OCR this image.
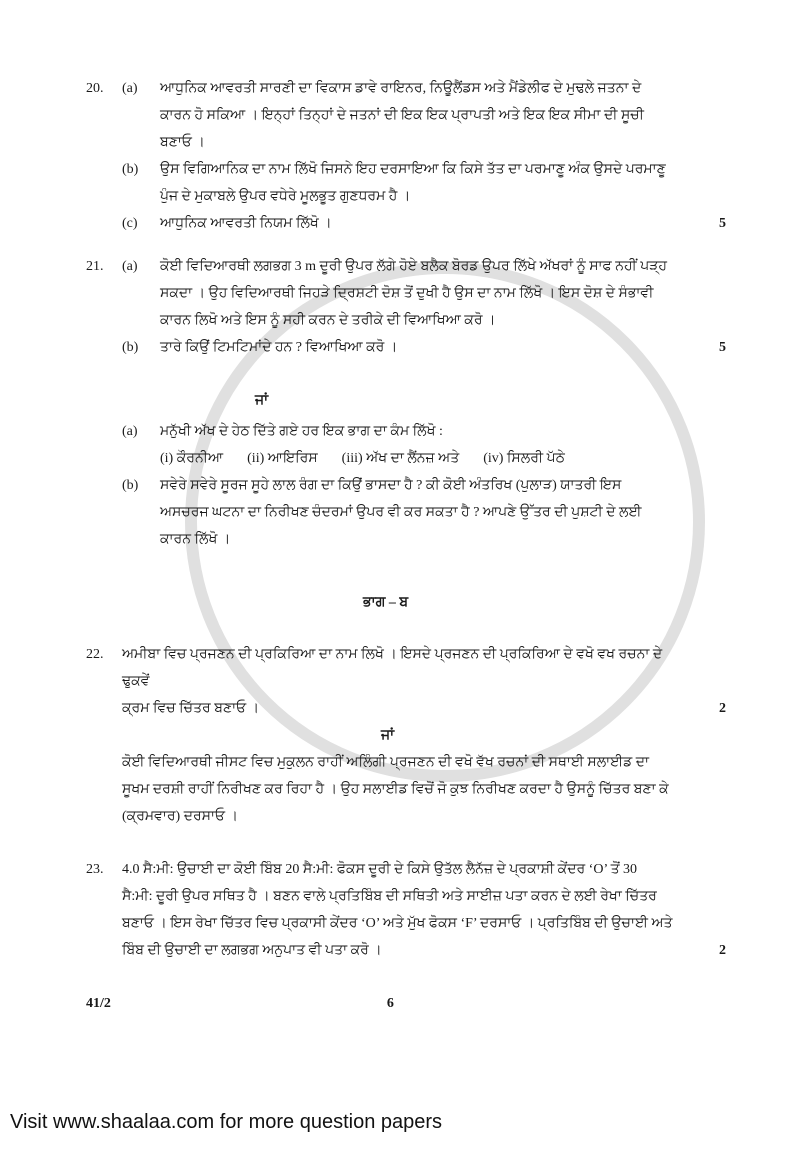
20.	(a)	ਆਧੁਨਿਕ ਆਵਰਤੀ ਸਾਰਣੀ ਦਾ ਵਿਕਾਸ ਡਾਵੇ ਰਾਇਨਰ, ਨਿਊਲੈਂਡਸ ਅਤੇ ਮੈਂਡੇਲੀਫ ਦੇ ਮੁਢਲੇ ਜਤਨਾ ਦੇ
ਕਾਰਨ ਹੋ ਸਕਿਆ । ਇਨ੍ਹਾਂ ਤਿਨ੍ਹਾਂ ਦੇ ਜਤਨਾਂ ਦੀ ਇਕ ਇਕ ਪ੍ਰਾਪਤੀ ਅਤੇ ਇਕ ਇਕ ਸੀਮਾ ਦੀ ਸੂਚੀ ਬਣਾਓ ।
(b)	ਉਸ ਵਿਗਿਆਨਿਕ ਦਾ ਨਾਮ ਲਿੱਖੋ ਜਿਸਨੇ ਇਹ ਦਰਸਾਇਆ ਕਿ ਕਿਸੇ ਤੱਤ ਦਾ ਪਰਮਾਣੂ ਅੰਕ ਉਸਦੇ ਪਰਮਾਣੂ
ਪੁੰਜ ਦੇ ਮੁਕਾਬਲੇ ਉਪਰ ਵਧੇਰੇ ਮੂਲਭੂਤ ਗੁਣਧਰਮ ਹੈ ।
(c)	ਆਧੁਨਿਕ ਆਵਰਤੀ ਨਿਯਮ ਲਿੱਖੋ ।	5
21.	(a)	ਕੋਈ ਵਿਦਿਆਰਥੀ ਲਗਭਗ 3 m ਦੂਰੀ ਉਪਰ ਲੱਗੇ ਹੋਏ ਬਲੈਕ ਬੋਰਡ ਉਪਰ ਲਿੱਖੇ ਅੱਖਰਾਂ ਨੂੰ ਸਾਫ ਨਹੀਂ ਪੜ੍ਹ
ਸਕਦਾ । ਉਹ ਵਿਦਿਆਰਥੀ ਜਿਹੜੇ ਦ੍ਰਿਸ਼ਟੀ ਦੋਸ਼ ਤੋਂ ਦੁਖੀ ਹੈ ਉਸ ਦਾ ਨਾਮ ਲਿੱਖੋ । ਇਸ ਦੋਸ਼ ਦੇ ਸੰਭਾਵੀ
ਕਾਰਨ ਲਿਖੋ ਅਤੇ ਇਸ ਨੂੰ ਸਹੀ ਕਰਨ ਦੇ ਤਰੀਕੇ ਦੀ ਵਿਆਖਿਆ ਕਰੋ ।
(b)	ਤਾਰੇ ਕਿਉਂ ਟਿਮਟਿਮਾਂਦੇ ਹਨ ? ਵਿਆਖਿਆ ਕਰੋ ।	5
ਜਾਂ
(a)	ਮਨੁੱਖੀ ਅੱਖ ਦੇ ਹੇਠ ਦਿੱਤੇ ਗਏ ਹਰ ਇਕ ਭਾਗ ਦਾ ਕੰਮ ਲਿੱਖੋ :
(i) ਕੌਰਨੀਆ (ii) ਆਇਰਿਸ (iii) ਅੱਖ ਦਾ ਲੈਂਨਜ਼ ਅਤੇ (iv) ਸਿਲਰੀ ਪੱਠੇ
(b)	ਸਵੇਰੇ ਸਵੇਰੇ ਸੂਰਜ ਸੂਹੇ ਲਾਲ ਰੰਗ ਦਾ ਕਿਉਂ ਭਾਸਦਾ ਹੈ ? ਕੀ ਕੋਈ ਅੰਤਰਿਖ (ਪੁਲਾੜ) ਯਾਤਰੀ ਇਸ
ਅਸਚਰਜ ਘਟਨਾ ਦਾ ਨਿਰੀਖਣ ਚੰਦਰਮਾਂ ਉਪਰ ਵੀ ਕਰ ਸਕਤਾ ਹੈ ? ਆਪਣੇ ਉੱਤਰ ਦੀ ਪੁਸ਼ਟੀ ਦੇ ਲਈ
ਕਾਰਨ ਲਿੱਖੋ ।
ਭਾਗ – ਬ
22.	ਅਮੀਬਾ ਵਿਚ ਪ੍ਰਜਣਨ ਦੀ ਪ੍ਰਕਿਰਿਆ ਦਾ ਨਾਮ ਲਿਖੋ । ਇਸਦੇ ਪ੍ਰਜਣਨ ਦੀ ਪ੍ਰਕਿਰਿਆ ਦੇ ਵਖੋ ਵਖ ਰਚਨਾ ਦੇ ਢੁਕਵੇਂ
ਕ੍ਰਮ ਵਿਚ ਚਿੱਤਰ ਬਣਾਓ ।	2
ਜਾਂ
ਕੋਈ ਵਿਦਿਆਰਥੀ ਜੀਸਟ ਵਿਚ ਮੁਕੁਲਨ ਰਾਹੀਂ ਅਲਿੰਗੀ ਪ੍ਰਜਣਨ ਦੀ ਵਖੋ ਵੱਖ ਰਚਨਾਂ ਦੀ ਸਥਾਈ ਸਲਾਈਡ ਦਾ
ਸੂਖਮ ਦਰਸ਼ੀ ਰਾਹੀਂ ਨਿਰੀਖਣ ਕਰ ਰਿਹਾ ਹੈ । ਉਹ ਸਲਾਈਡ ਵਿਚੋਂ ਜੋ ਕੁਝ ਨਿਰੀਖਣ ਕਰਦਾ ਹੈ ਉਸਨੂੰ ਚਿੱਤਰ ਬਣਾ ਕੇ
(ਕ੍ਰਮਵਾਰ) ਦਰਸਾਓ ।
23.	4.0 ਸੈ:ਮੀ: ਉਚਾਈ ਦਾ ਕੋਈ ਬਿੰਬ 20 ਸੈ:ਮੀ: ਫੋਕਸ ਦੂਰੀ ਦੇ ਕਿਸੇ ਉਤੱਲ ਲੈਨੱਜ਼ ਦੇ ਪ੍ਰਕਾਸ਼ੀ ਕੇਂਦਰ ‘O’ ਤੋਂ 30
ਸੈ:ਮੀ: ਦੂਰੀ ਉਪਰ ਸਥਿਤ ਹੈ । ਬਣਨ ਵਾਲੇ ਪ੍ਰਤਿਬਿੰਬ ਦੀ ਸਥਿਤੀ ਅਤੇ ਸਾਈਜ਼ ਪਤਾ ਕਰਨ ਦੇ ਲਈ ਰੇਖਾ ਚਿੱਤਰ
ਬਣਾਓ । ਇਸ ਰੇਖਾ ਚਿੱਤਰ ਵਿਚ ਪ੍ਰਕਾਸੀ ਕੇਂਦਰ ‘O’ ਅਤੇ ਮੁੱਖ ਫੋਕਸ ‘F’ ਦਰਸਾਓ । ਪ੍ਰਤਿਬਿੰਬ ਦੀ ਉਚਾਈ ਅਤੇ
ਬਿੰਬ ਦੀ ਉਚਾਈ ਦਾ ਲਗਭਗ ਅਨੁਪਾਤ ਵੀ ਪਤਾ ਕਰੋ ।	2
41/2	6
Visit www.shaalaa.com for more question papers
